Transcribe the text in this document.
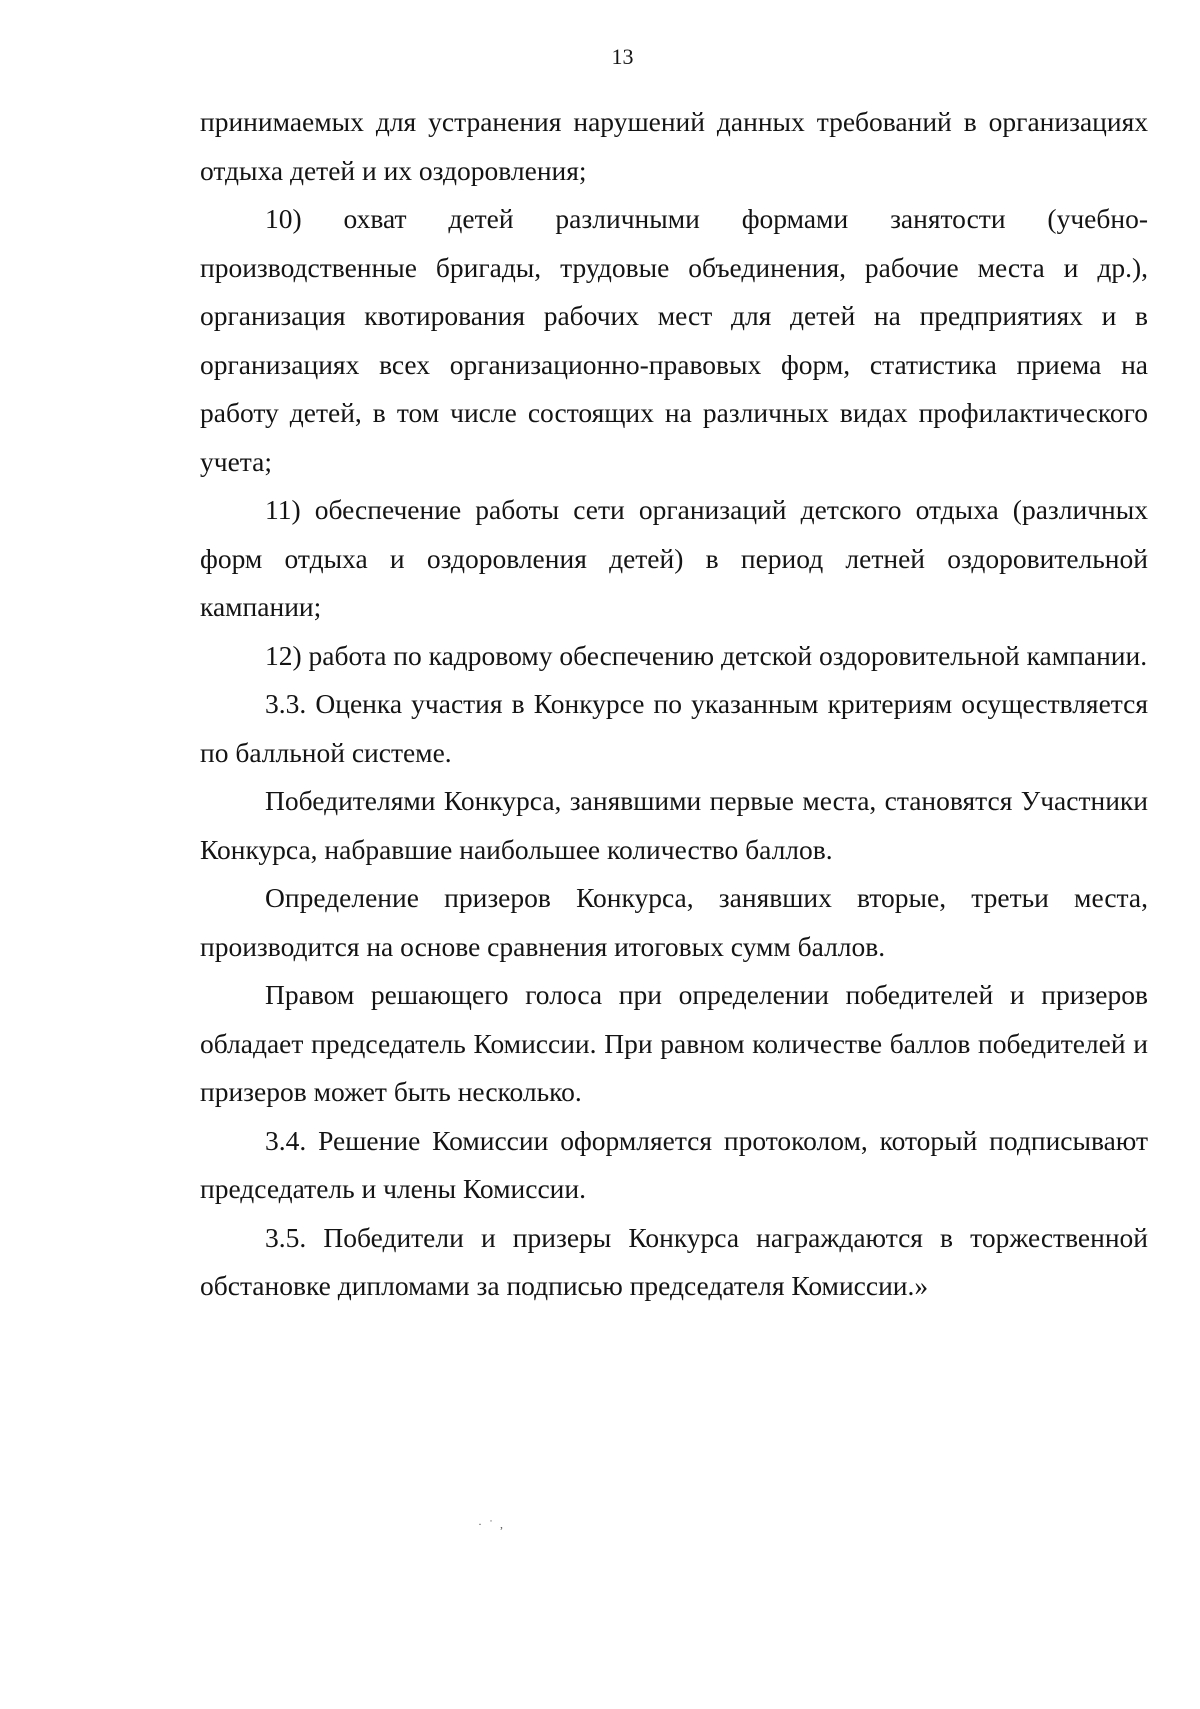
13

принимаемых для устранения нарушений данных требований в организациях отдыха детей и их оздоровления;

10) охват детей различными формами занятости (учебно-производственные бригады, трудовые объединения, рабочие места и др.), организация квотирования рабочих мест для детей на предприятиях и в организациях всех организационно-правовых форм, статистика приема на работу детей, в том числе состоящих на различных видах профилактического учета;

11) обеспечение работы сети организаций детского отдыха (различных форм отдыха и оздоровления детей) в период летней оздоровительной кампании;

12) работа по кадровому обеспечению детской оздоровительной кампании.

3.3. Оценка участия в Конкурсе по указанным критериям осуществляется по балльной системе.

Победителями Конкурса, занявшими первые места, становятся Участники Конкурса, набравшие наибольшее количество баллов.

Определение призеров Конкурса, занявших вторые, третьи места, производится на основе сравнения итоговых сумм баллов.

Правом решающего голоса при определении победителей и призеров обладает председатель Комиссии. При равном количестве баллов победителей и призеров может быть несколько.

3.4. Решение Комиссии оформляется протоколом, который подписывают председатель и члены Комиссии.

3.5. Победители и призеры Конкурса награждаются в торжественной обстановке дипломами за подписью председателя Комиссии.»

· ˙ ,
